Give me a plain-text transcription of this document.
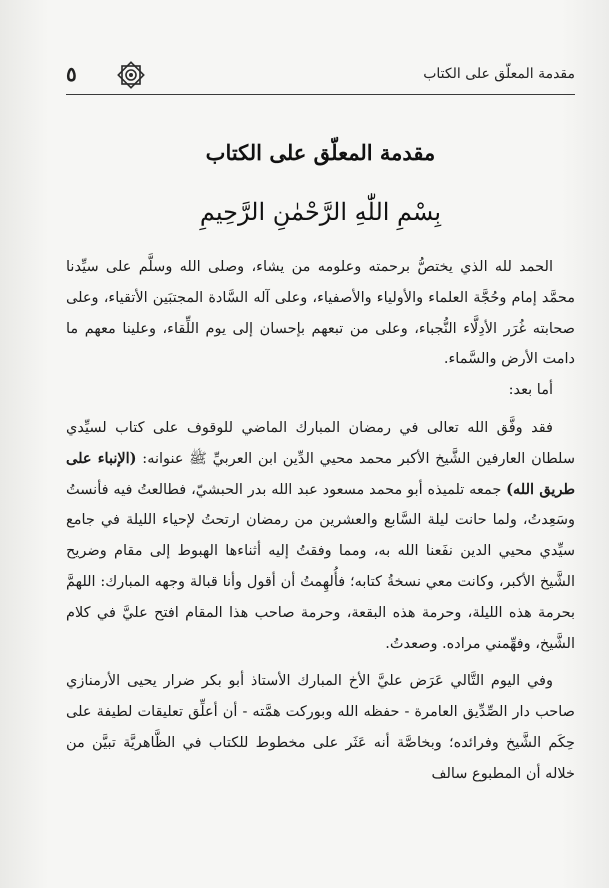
مقدمة المعلّق على الكتاب
٥
مقدمة المعلّق على الكتاب
بِسْمِ اللّٰهِ الرَّحْمٰنِ الرَّحِيمِ

الحمد لله الذي يختصُّ برحمته وعلومه من يشاء، وصلى الله وسلَّم على سيِّدنا محمَّد إمام وحُجَّة العلماء والأولياء والأصفياء، وعلى آله السَّادة المجتبَين الأتقياء، وعلى صحابته غُرَر الأدِلَّاء النُّجباء، وعلى من تبعهم بإحسان إلى يوم اللِّقاء، وعلينا معهم ما دامت الأرض والسَّماء.

أما بعد:

فقد وفَّق الله تعالى في رمضان المبارك الماضي للوقوف على كتاب لسيِّدي سلطان العارفين الشَّيخ الأكبر محمد محيي الدِّين ابن العربيِّ ﷺ عنوانه: (الإنباء على طريق الله) جمعه تلميذه أبو محمد مسعود عبد الله بدر الحبشيّ، فطالعتُ فيه فأنستُ وسَعِدتُ، ولما حانت ليلة السَّابع والعشرين من رمضان ارتحتُ لإحياء الليلة في جامع سيِّدي محيي الدين نفَعنا الله به، ومما وفقتُ إليه أثناءها الهبوط إلى مقام وضريح الشَّيخ الأكبر، وكانت معي نسخةُ كتابه؛ فأُلهِمتُ أن أقول وأنا قبالة وجهه المبارك: اللهمَّ بحرمة هذه الليلة، وحرمة هذه البقعة، وحرمة صاحب هذا المقام افتح عليَّ في كلام الشَّيخ، وفهِّمني مراده. وصعدتُ.

وفي اليوم التَّالي عَرَض عليَّ الأخ المبارك الأستاذ أبو بكر ضرار يحيى الأرمنازي صاحب دار الصِّدِّيق العامرة - حفظه الله وبوركت همَّته - أن أعلِّق تعليقات لطيفة على حِكَم الشَّيخ وفرائده؛ وبخاصَّة أنه عَثَر على مخطوط للكتاب في الظَّاهريَّة تبيَّن من خلاله أن المطبوع سالف
